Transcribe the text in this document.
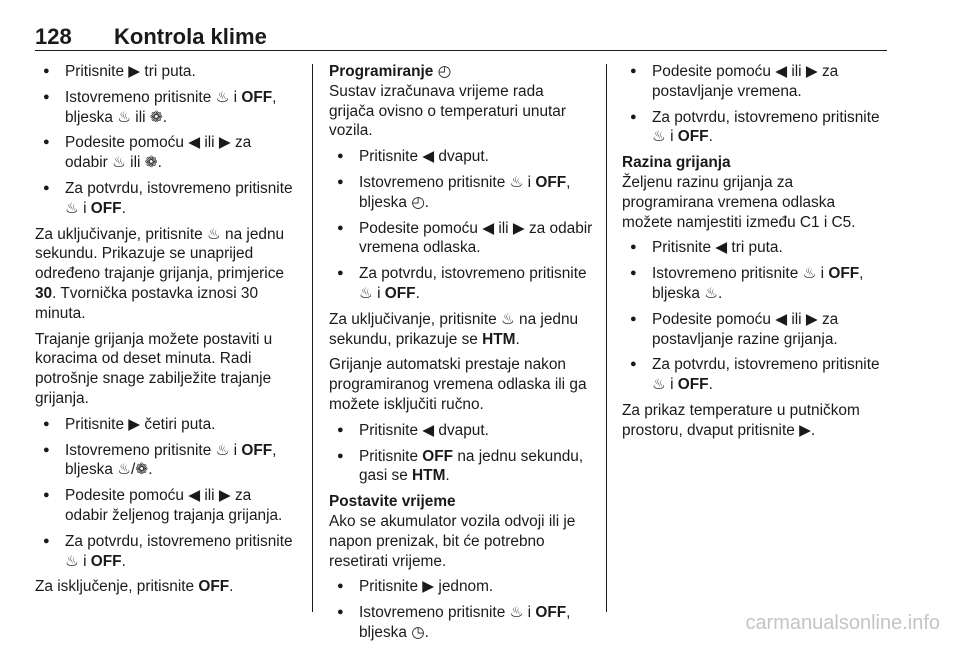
128 Kontrola klime
● Pritisnite ▶ tri puta.
● Istovremeno pritisnite ♨ i OFF, bljeska ♨ ili ❁.
● Podesite pomoću ◀ ili ▶ za odabir ♨ ili ❁.
● Za potvrdu, istovremeno pritisnite ♨ i OFF.

Za uključivanje, pritisnite ♨ na jednu sekundu. Prikazuje se unaprijed određeno trajanje grijanja, primjerice 30. Tvornička postavka iznosi 30 minuta.

Trajanje grijanja možete postaviti u koracima od deset minuta. Radi potrošnje snage zabilježite trajanje grijanja.

● Pritisnite ▶ četiri puta.
● Istovremeno pritisnite ♨ i OFF, bljeska ♨/❁.
● Podesite pomoću ◀ ili ▶ za odabir željenog trajanja grijanja.
● Za potvrdu, istovremeno pritisnite ♨ i OFF.

Za isključenje, pritisnite OFF.

Programiranje ◴
Sustav izračunava vrijeme rada grijača ovisno o temperaturi unutar vozila.

● Pritisnite ◀ dvaput.
● Istovremeno pritisnite ♨ i OFF, bljeska ◴.
● Podesite pomoću ◀ ili ▶ za odabir vremena odlaska.
● Za potvrdu, istovremeno pritisnite ♨ i OFF.

Za uključivanje, pritisnite ♨ na jednu sekundu, prikazuje se HTM.

Grijanje automatski prestaje nakon programiranog vremena odlaska ili ga možete isključiti ručno.

● Pritisnite ◀ dvaput.
● Pritisnite OFF na jednu sekundu, gasi se HTM.

Postavite vrijeme
Ako se akumulator vozila odvoji ili je napon prenizak, bit će potrebno resetirati vrijeme.

● Pritisnite ▶ jednom.
● Istovremeno pritisnite ♨ i OFF, bljeska ◷.
● Podesite pomoću ◀ ili ▶ za postavljanje vremena.
● Za potvrdu, istovremeno pritisnite ♨ i OFF.

Razina grijanja
Željenu razinu grijanja za programirana vremena odlaska možete namjestiti između C1 i C5.

● Pritisnite ◀ tri puta.
● Istovremeno pritisnite ♨ i OFF, bljeska ♨.
● Podesite pomoću ◀ ili ▶ za postavljanje razine grijanja.
● Za potvrdu, istovremeno pritisnite ♨ i OFF.

Za prikaz temperature u putničkom prostoru, dvaput pritisnite ▶.

carmanualsonline.info
